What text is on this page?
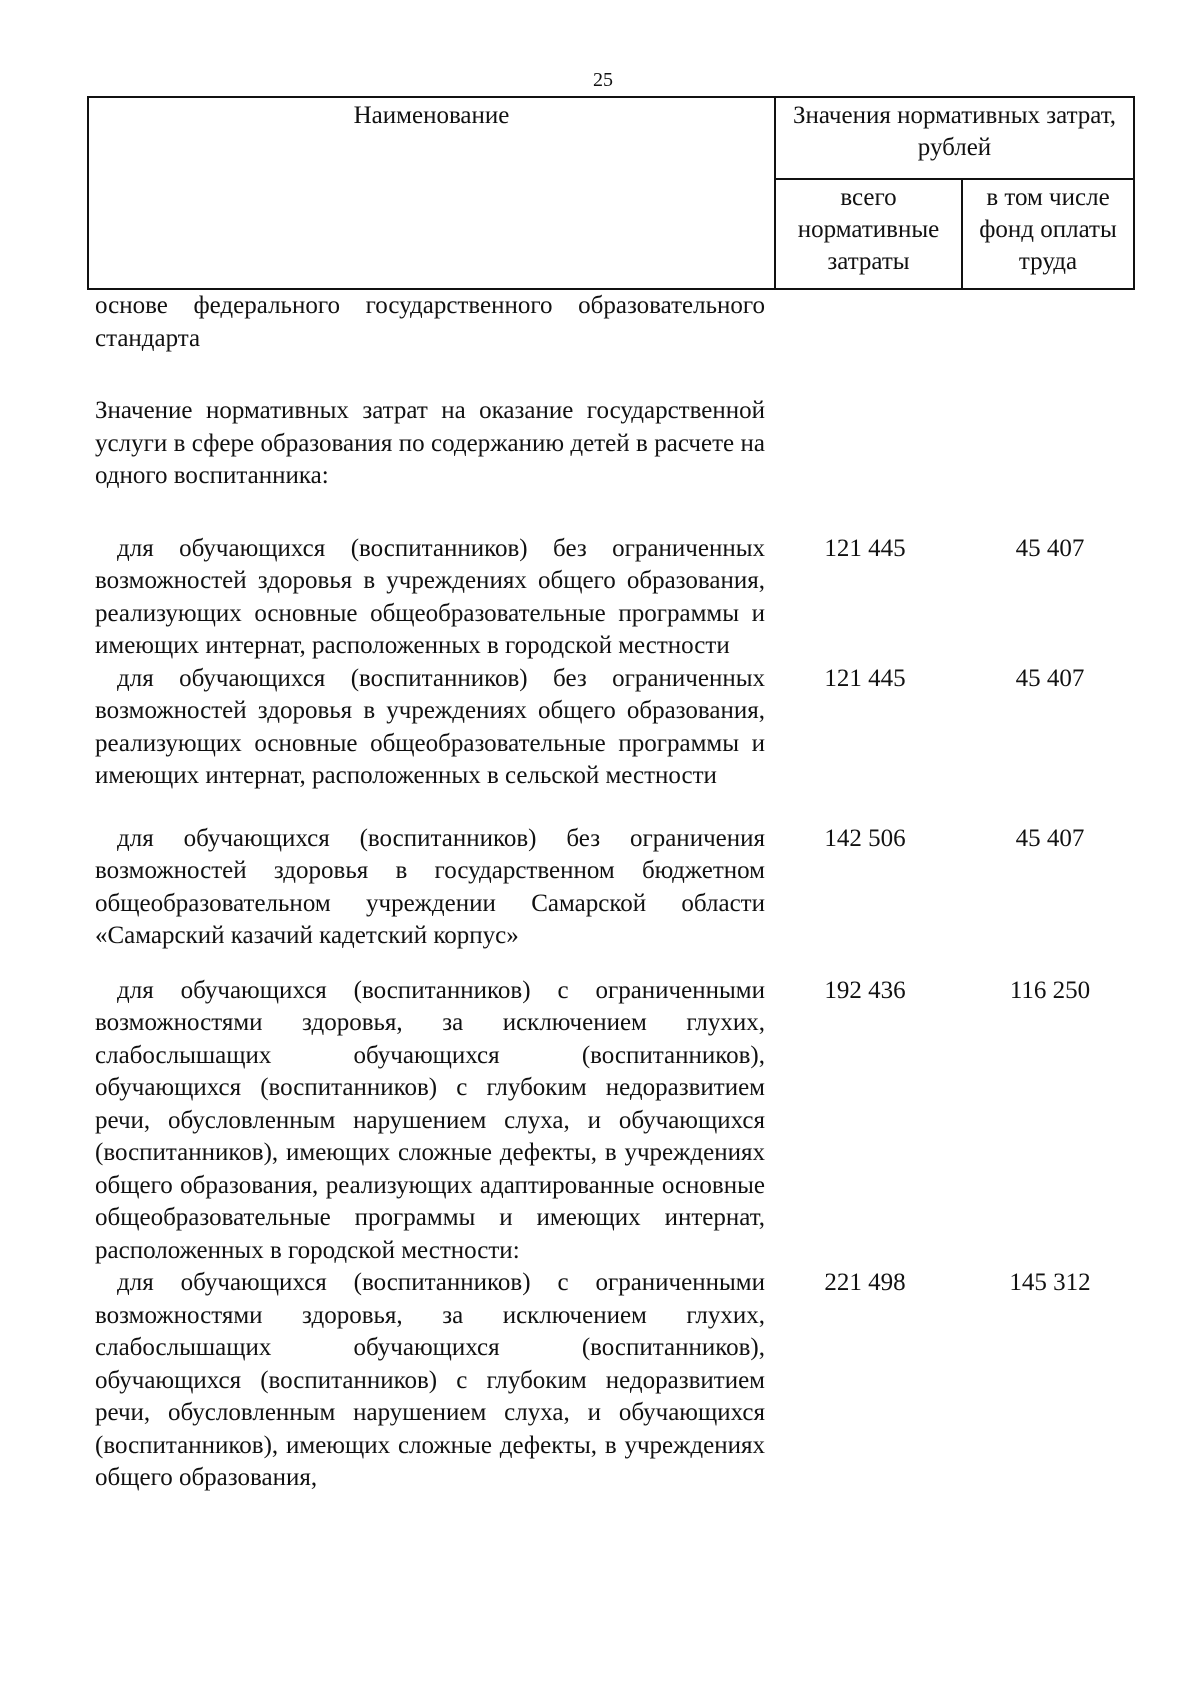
25
Наименование	Значения нормативных затрат, рублей	
	всего нормативные затраты	в том числе фонд оплаты труда
основе федерального государственного образовательного стандарта
Значение нормативных затрат на оказание государственной услуги в сфере образования по содержанию детей в расчете на одного воспитанника:
для обучающихся (воспитанников) без ограниченных возможностей здоровья в учреждениях общего образования, реализующих основные общеобразовательные программы и имеющих интернат, расположенных в городской местности
121 445	45 407
для обучающихся (воспитанников) без ограниченных возможностей здоровья в учреждениях общего образования, реализующих основные общеобразовательные программы и имеющих интернат, расположенных в сельской местности
121 445	45 407
для обучающихся (воспитанников) без ограничения возможностей здоровья в государственном бюджетном общеобразовательном учреждении Самарской области «Самарский казачий кадетский корпус»
142 506	45 407
для обучающихся (воспитанников) с ограниченными возможностями здоровья, за исключением глухих, слабослышащих обучающихся (воспитанников), обучающихся (воспитанников) с глубоким недоразвитием речи, обусловленным нарушением слуха, и обучающихся (воспитанников), имеющих сложные дефекты, в учреждениях общего образования, реализующих адаптированные основные общеобразовательные программы и имеющих интернат, расположенных в городской местности:
192 436	116 250
для обучающихся (воспитанников) с ограниченными возможностями здоровья, за исключением глухих, слабослышащих обучающихся (воспитанников), обучающихся (воспитанников) с глубоким недоразвитием речи, обусловленным нарушением слуха, и обучающихся (воспитанников), имеющих сложные дефекты, в учреждениях общего образования,
221 498	145 312
